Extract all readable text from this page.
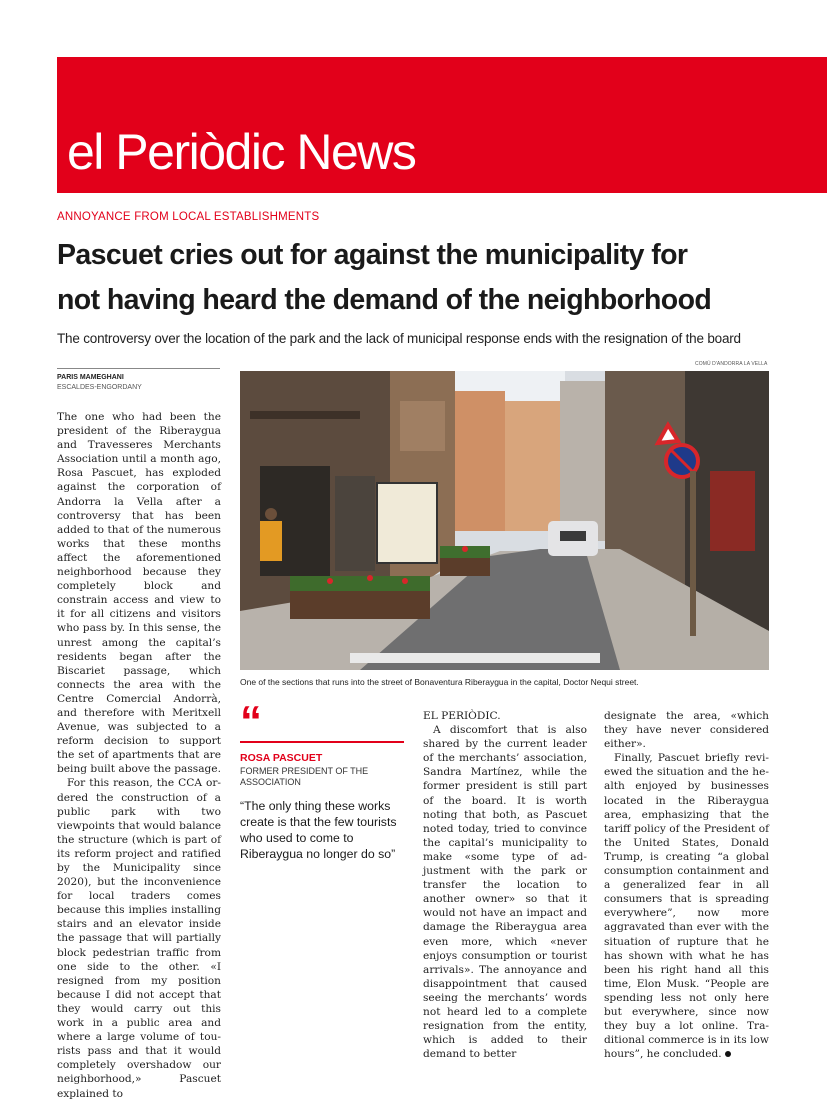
el Periòdic News
ANNOYANCE FROM LOCAL ESTABLISHMENTS
Pascuet cries out for against the municipality for
not having heard the demand of the neighborhood
The controversy over the location of the park and the lack of municipal response ends with the resignation of the board
PARIS MAMEGHANI
ESCALDES-ENGORDANY
COMÚ D'ANDORRA LA VELLA
One of the sections that runs into the street of Bonaventura Riberaygua in the capital, Doctor Nequi street.

The one who had been the president of the Riberaygua and Travesseres Merchants Association until a month ago, Rosa Pascuet, has exploded against the corporation of Andorra la Vella after a controversy that has been added to that of the numerous works that these months affect the aforementioned neighborhood because they completely block and constrain access and view to it for all citizens and visitors who pass by. In this sense, the unrest among the capital’s residents began after the Biscariet passage, which connects the area with the Centre Comercial Andorrà, and therefore with Meritxell Avenue, was subjected to a reform decision to support the set of apartments that are being built above the passage.

For this reason, the CCA ordered the construction of a public park with two viewpoints that would balance the structure (which is part of its reform project and ratified by the Municipality since 2020), but the inconvenience for local traders comes because this implies installing stairs and an elevator inside the passage that will partially block pedestrian traffic from one side to the other. «I resigned from my position because I did not accept that they would carry out this work in a public area and where a large volume of tourists pass and that it would completely overshadow our neighborhood,» Pascuet explained to

“
ROSA PASCUET
FORMER PRESIDENT OF THE ASSOCIATION
“The only thing these works create is that the few tourists who used to come to Riberaygua no longer do so”

EL PERIÒDIC.

A discomfort that is also shared by the current leader of the merchants’ association, Sandra Martínez, while the former president is still part of the board. It is worth noting that both, as Pascuet noted today, tried to convince the capital’s municipality to make «some type of adjustment with the park or transfer the location to another owner» so that it would not have an impact and damage the Riberaygua area even more, which «never enjoys consumption or tourist arrivals». The annoyance and disappointment that caused seeing the merchants’ words not heard led to a complete resignation from the entity, which is added to their demand to better

designate the area, «which they have never considered either».

Finally, Pascuet briefly reviewed the situation and the health enjoyed by businesses located in the Riberaygua area, emphasizing that the tariff policy of the President of the United States, Donald Trump, is creating “a global consumption containment and a generalized fear in all consumers that is spreading everywhere”, now more aggravated than ever with the situation of rupture that he has shown with what he has been his right hand all this time, Elon Musk. “People are spending less not only here but everywhere, since now they buy a lot online. Traditional commerce is in its low hours”, he concluded.
